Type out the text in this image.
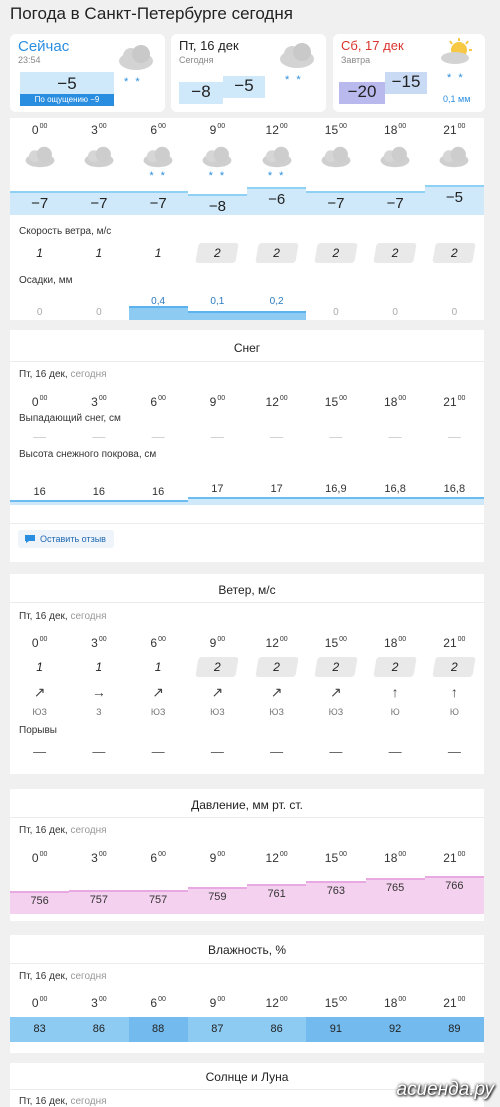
Погода в Санкт-Петербурге сегодня
Сейчас
23:54
−5
По ощущению −9
* *
Пт, 16 дек
Сегодня
−8 −5	* *
Сб, 17 дек
Завтра
−20
−15 * *
0,1 мм
$0^{00}$
−7
1
0
$3^{00}$
−7
1
0
$6^{00}$
* *
−7
1
0,4
$9^{00}$
* *
−8
2
0,1
$12^{00}$
* *
−6
2
0,2
$15^{00}$
−7
2
0
$18^{00}$
−7
2
0
$21^{00}$
−5
2
0
Скорость ветра, м/с
Осадки, мм
Снег
Пт, 16 дек, сегодня
Выпадающий снег, см
Высота снежного покрова, см
$0^{00}$
—
16
$3^{00}$
—
16
$6^{00}$
—
16
$9^{00}$
—
17
$12^{00}$
—
17
$15^{00}$
—
16,9
$18^{00}$
—
16,8
$21^{00}$
—
16,8
Оставить отзыв
Ветер, м/с
Пт, 16 дек, сегодня
Порывы
$0^{00}$
1
↗
ЮЗ
—
$3^{00}$
1
→
З
—
$6^{00}$
1
↗
ЮЗ
—
$9^{00}$
2
↗
ЮЗ
—
$12^{00}$
2
↗
ЮЗ
—
$15^{00}$
2
↗
ЮЗ
—
$18^{00}$
2
↑
Ю
—
$21^{00}$
2
↑
Ю
—
Давление, мм рт. ст.
Пт, 16 дек, сегодня
$0^{00}$
756
$3^{00}$
757
$6^{00}$
757
$9^{00}$
759
$12^{00}$
761
$15^{00}$
763
$18^{00}$
765
$21^{00}$
766
Влажность, %
Пт, 16 дек, сегодня
$0^{00}$
83
$3^{00}$
86
$6^{00}$
88
$9^{00}$
87
$12^{00}$
86
$15^{00}$
91
$18^{00}$
92
$21^{00}$
89
Солнце и Луна
Пт, 16 дек, сегодня
асиенда.ру
